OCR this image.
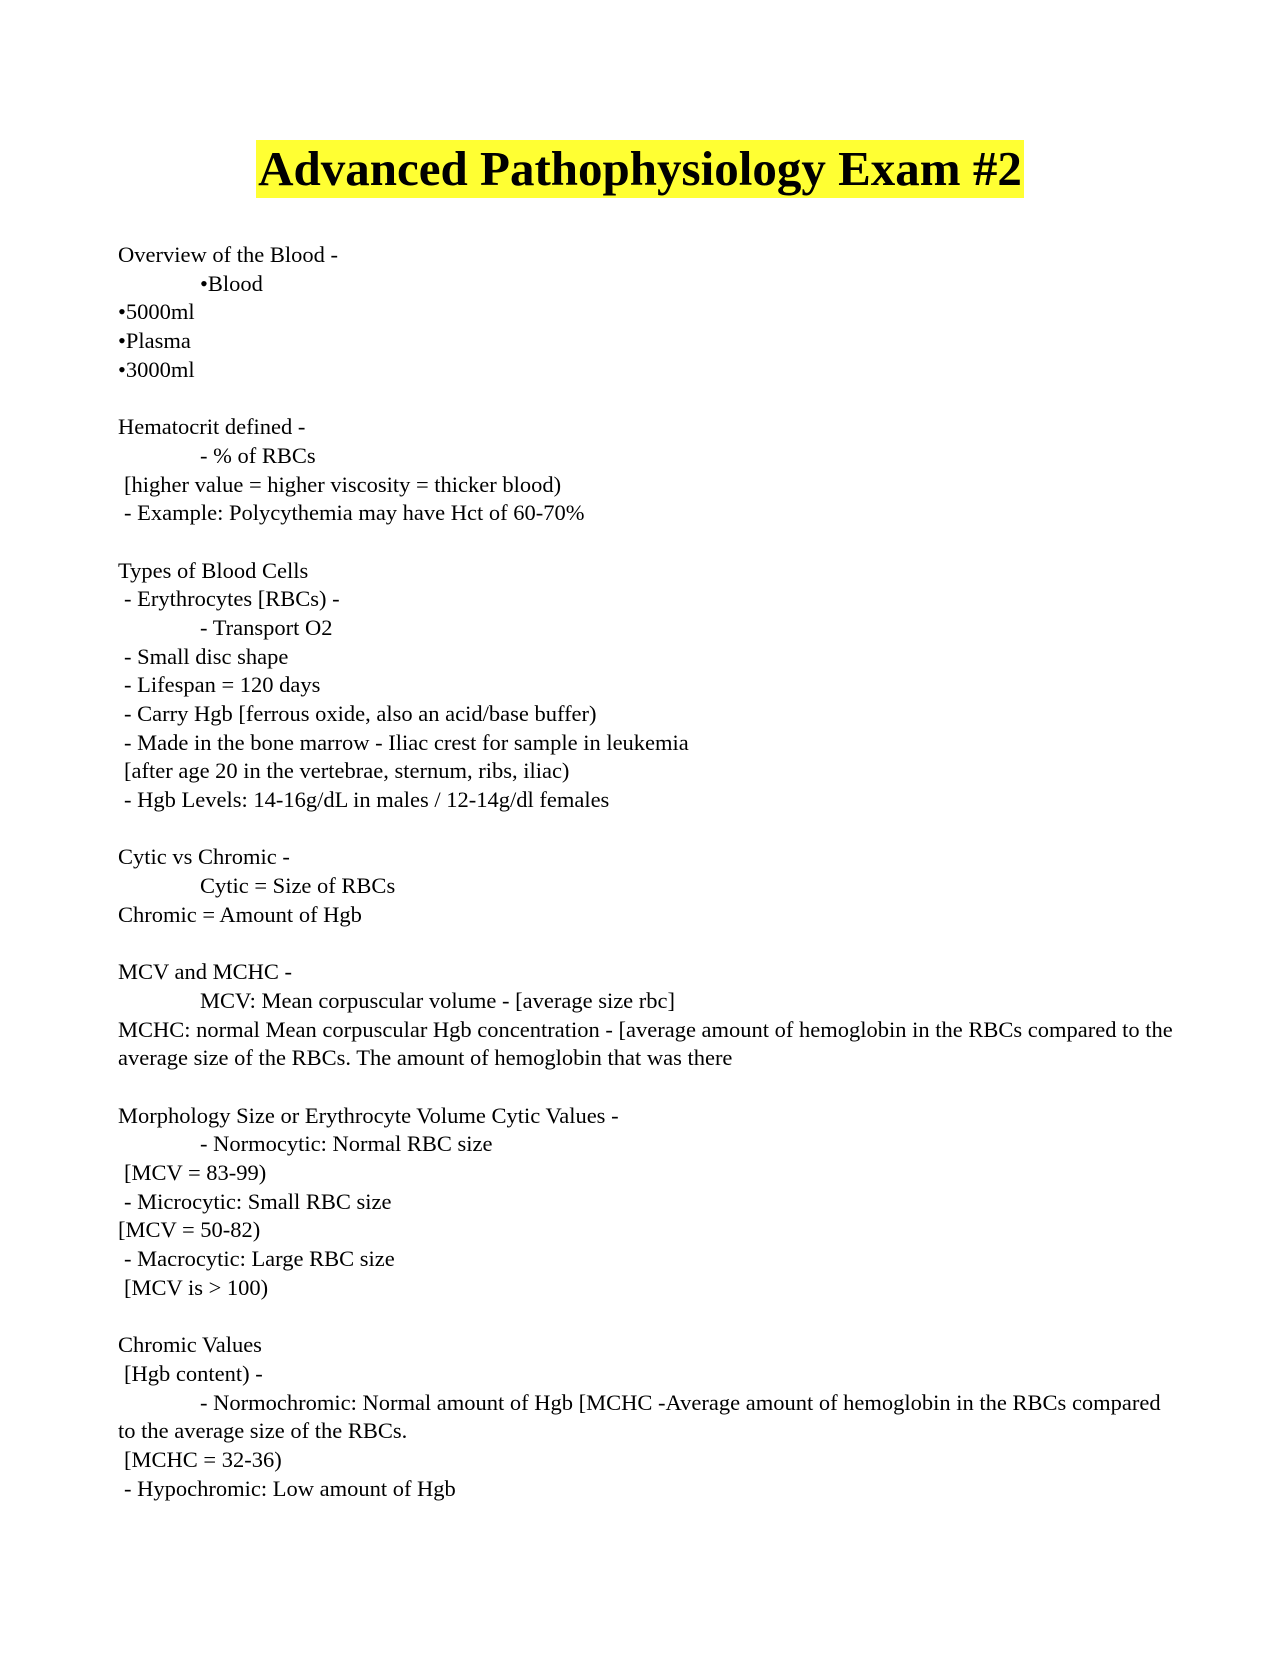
Advanced Pathophysiology Exam #2
Overview of the Blood -
•Blood
•5000ml
•Plasma
•3000ml
Hematocrit defined -
- % of RBCs
[higher value = higher viscosity = thicker blood)
- Example: Polycythemia may have Hct of 60-70%
Types of Blood Cells
- Erythrocytes [RBCs) -
- Transport O2
- Small disc shape
- Lifespan = 120 days
- Carry Hgb [ferrous oxide, also an acid/base buffer)
- Made in the bone marrow - Iliac crest for sample in leukemia
[after age 20 in the vertebrae, sternum, ribs, iliac)
- Hgb Levels: 14-16g/dL in males / 12-14g/dl females
Cytic vs Chromic -
Cytic = Size of RBCs
Chromic = Amount of Hgb
MCV and MCHC -
MCV: Mean corpuscular volume - [average size rbc]
MCHC: normal Mean corpuscular Hgb concentration - [average amount of hemoglobin in the RBCs compared to the average size of the RBCs. The amount of hemoglobin that was there
Morphology Size or Erythrocyte Volume Cytic Values -
- Normocytic: Normal RBC size
[MCV = 83-99)
- Microcytic: Small RBC size
[MCV = 50-82)
- Macrocytic: Large RBC size
[MCV is > 100)
Chromic Values
[Hgb content) -
- Normochromic: Normal amount of Hgb [MCHC -Average amount of hemoglobin in the RBCs compared to the average size of the RBCs.
[MCHC = 32-36)
- Hypochromic: Low amount of Hgb
